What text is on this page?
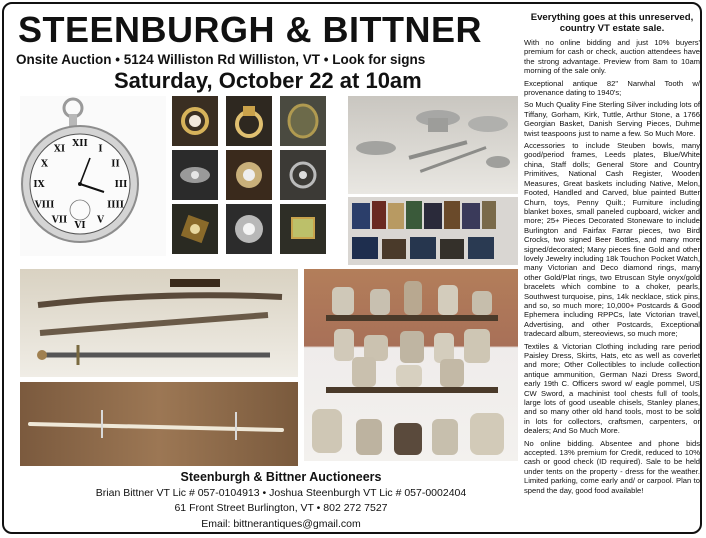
STEENBURGH & BITTNER
Onsite Auction • 5124 Williston Rd Williston, VT • Look for signs
Saturday, October 22 at 10am
XII
I
II
III
IIII
V
VI
VII
VIII
IX
X
XI
Steenburgh & Bittner Auctioneers
Brian Bittner VT Lic # 057-0104913 • Joshua Steenburgh VT Lic # 057-0002404
61 Front Street Burlington, VT • 802 272 7527
Email: bittnerantiques@gmail.com
Everything goes at this unreserved, country VT estate sale.

With no online bidding and just 10% buyers' premium for cash or check, auction attendees have the strong advantage. Preview from 8am to 10am morning of the sale only.

Exceptional antique 82" Narwhal Tooth w/ provenance dating to 1940's;

So Much Quality Fine Sterling Silver including lots of Tiffany, Gorham, Kirk, Tuttle, Arthur Stone, a 1766 Georgian Basket, Danish Serving Pieces, Duhme twist teaspoons just to name a few. So Much More.

Accessories to include Steuben bowls, many good/period frames, Leeds plates, Blue/White china, Staff dolls; General Store and Country Primitives, National Cash Register, Wooden Measures, Great baskets including Native, Melon, Footed, Handled and Carved, blue painted Butter Churn, toys, Penny Quilt.; Furniture including blanket boxes, small paneled cupboard, wicker and more; 25+ Pieces Decorated Stoneware to include Burlington and Fairfax Farrar pieces, two Bird Crocks, two signed Beer Bottles, and many more signed/decorated; Many pieces fine Gold and other lovely Jewelry including 18k Touchon Pocket Watch, many Victorian and Deco diamond rings, many other Gold/Plat rings, two Etruscan Style onyx/gold bracelets which combine to a choker, pearls, Southwest turquoise, pins, 14k necklace, stick pins, and so, so much more; 10,000+ Postcards & Good Ephemera including RPPCs, late Victorian travel, Advertising, and other Postcards, Exceptional tradecard album, stereoviews, so much more;

Textiles & Victorian Clothing including rare period Paisley Dress, Skirts, Hats, etc as well as coverlet and more; Other Collectibles to include collection antique ammunition, German Nazi Dress Sword, early 19th C. Officers sword w/ eagle pommel, US CW Sword, a machinist tool chests full of tools, large lots of good useable chisels, Stanley planes, and so many other old hand tools, most to be sold in lots for collectors, craftsmen, carpenters, or dealers; And So Much More.

No online bidding. Absentee and phone bids accepted. 13% premium for Credit, reduced to 10% cash or good check (ID required). Sale to be held under tents on the property - dress for the weather. Limited parking, come early and/ or carpool. Plan to spend the day, good food available!
